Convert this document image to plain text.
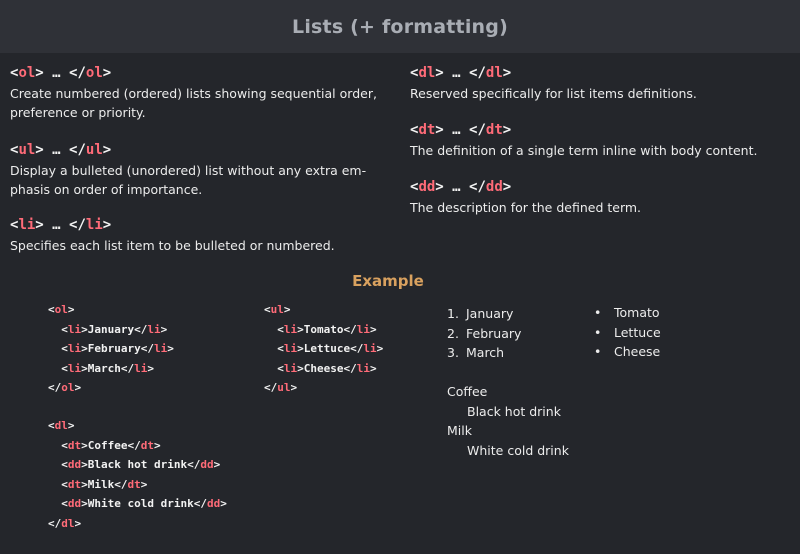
Lists (+ formatting)
<ol> … </ol>
Create numbered (ordered) lists showing sequential order,
preference or priority.
<ul> … </ul>
Display a bulleted (unordered) list without any extra em-
phasis on order of importance.
<li> … </li>
Specifies each list item to be bulleted or numbered.
<dl> … </dl>
Reserved specifically for list items definitions.
<dt> … </dt>
The definition of a single term inline with body content.
<dd> … </dd>
The description for the defined term.
Example
<ol>
<li>January</li>
<li>February</li>
<li>March</li>
</ol>
<ul>
<li>Tomato</li>
<li>Lettuce</li>
<li>Cheese</li>
</ul>
<dl>
<dt>Coffee</dt>
<dd>Black hot drink</dd>
<dt>Milk</dt>
<dd>White cold drink</dd>
</dl>
1. January
2. February
3. March
• Tomato
• Lettuce
• Cheese
Coffee
Black hot drink
Milk
White cold drink
